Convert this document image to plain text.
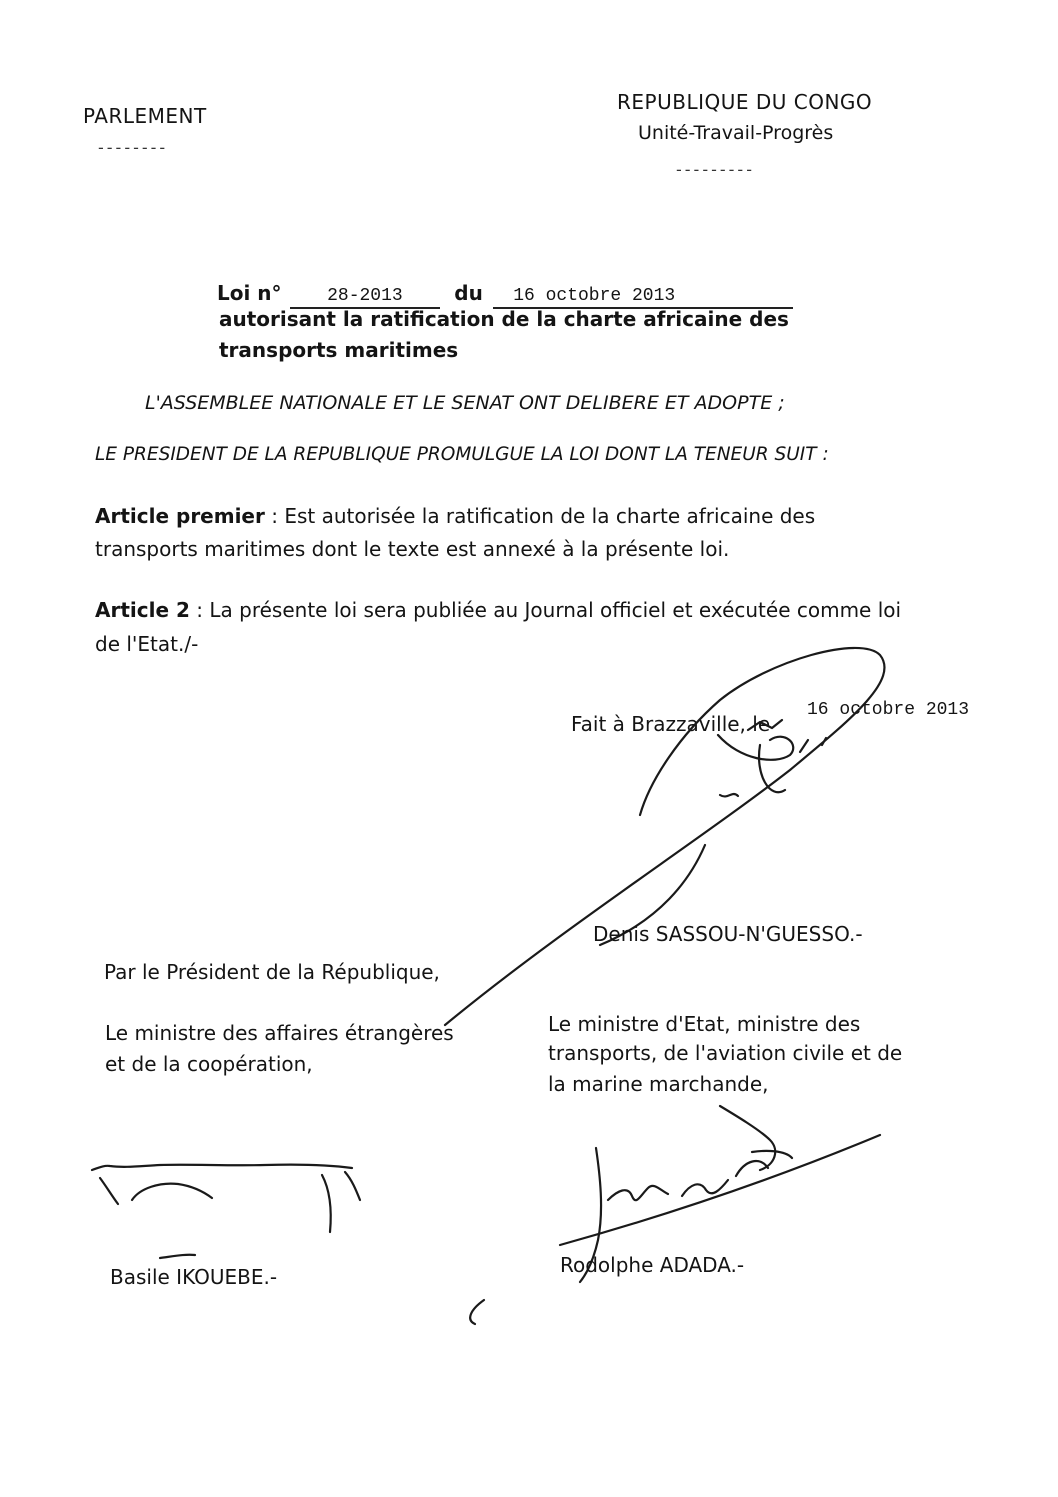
PARLEMENT
--------
REPUBLIQUE DU CONGO
Unité-Travail-Progrès
---------
Loi n°	28-2013	du 16 octobre 2013
autorisant la ratification de la charte africaine des
transports maritimes
L'ASSEMBLEE NATIONALE ET LE SENAT ONT DELIBERE ET ADOPTE ;
LE PRESIDENT DE LA REPUBLIQUE PROMULGUE LA LOI DONT LA TENEUR SUIT :
Article premier : Est autorisée la ratification de la charte africaine des
transports maritimes dont le texte est annexé à la présente loi.
Article 2 : La présente loi sera publiée au Journal officiel et exécutée comme loi
de l'Etat./-
Fait à Brazzaville, le
16 octobre 2013
Denis SASSOU-N'GUESSO.-
Par le Président de la République,
Le ministre des affaires étrangères
et de la coopération,
Le ministre d'Etat, ministre des
transports, de l'aviation civile et de
la marine marchande,
Basile IKOUEBE.-	Rodolphe ADADA.-
